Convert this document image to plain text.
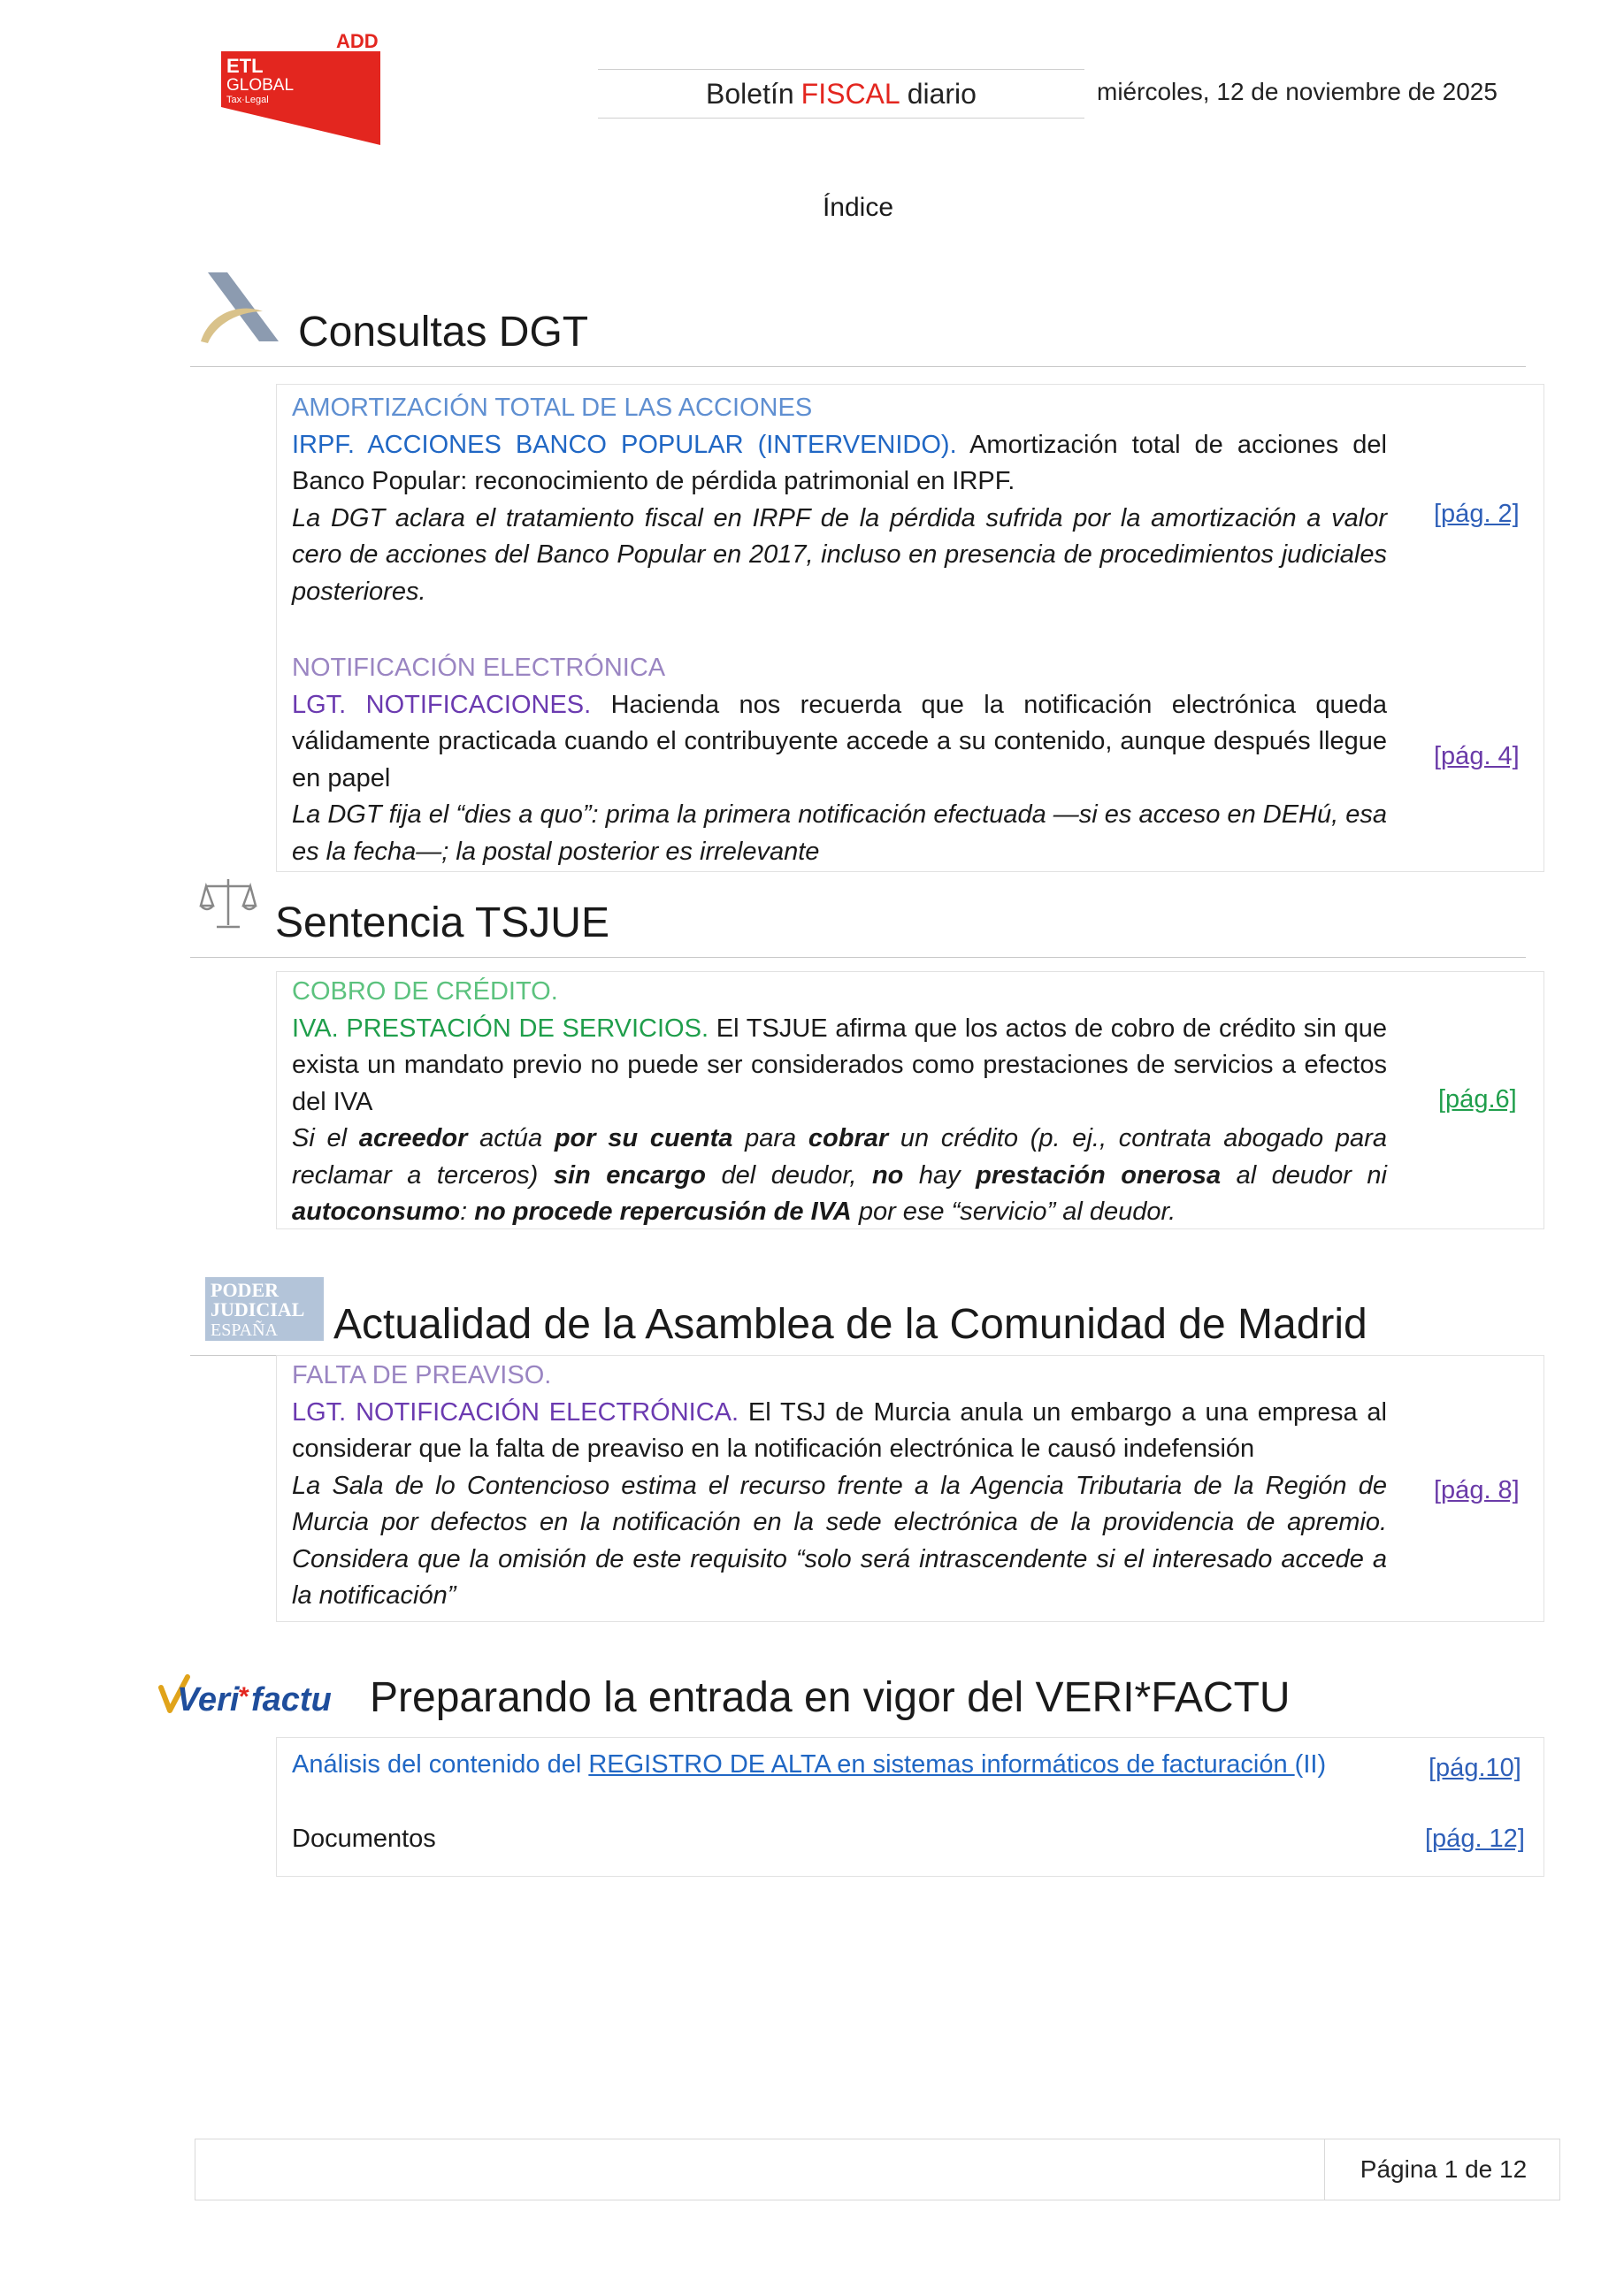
ADD
ETL
GLOBAL
Tax·Legal	Boletín FISCAL diario	miércoles, 12 de noviembre de 2025
Índice
Consultas DGT
AMORTIZACIÓN TOTAL DE LAS ACCIONES
IRPF. ACCIONES BANCO POPULAR (INTERVENIDO). Amortización total de acciones del Banco Popular: reconocimiento de pérdida patrimonial en IRPF.
La DGT aclara el tratamiento fiscal en IRPF de la pérdida sufrida por la amortización a valor cero de acciones del Banco Popular en 2017, incluso en presencia de procedimientos judiciales posteriores.
[pág. 2]
NOTIFICACIÓN ELECTRÓNICA
LGT. NOTIFICACIONES. Hacienda nos recuerda que la notificación electrónica queda válidamente practicada cuando el contribuyente accede a su contenido, aunque después llegue en papel
La DGT fija el “dies a quo”: prima la primera notificación efectuada —si es acceso en DEHú, esa es la fecha—; la postal posterior es irrelevante
[pág. 4]
Sentencia TSJUE
COBRO DE CRÉDITO.
IVA. PRESTACIÓN DE SERVICIOS. El TSJUE afirma que los actos de cobro de crédito sin que exista un mandato previo no puede ser considerados como prestaciones de servicios a efectos del IVA
Si el acreedor actúa por su cuenta para cobrar un crédito (p. ej., contrata abogado para reclamar a terceros) sin encargo del deudor, no hay prestación onerosa al deudor ni autoconsumo: no procede repercusión de IVA por ese “servicio” al deudor.
[pág.6]
PODER
JUDICIAL
ESPAÑA Actualidad de la Asamblea de la Comunidad de Madrid
FALTA DE PREAVISO.
LGT. NOTIFICACIÓN ELECTRÓNICA. El TSJ de Murcia anula un embargo a una empresa al considerar que la falta de preaviso en la notificación electrónica le causó indefensión
La Sala de lo Contencioso estima el recurso frente a la Agencia Tributaria de la Región de Murcia por defectos en la notificación en la sede electrónica de la providencia de apremio. Considera que la omisión de este requisito “solo será intrascendente si el interesado accede a la notificación”
[pág. 8]
Veri * factu Preparando la entrada en vigor del VERI*FACTU
Análisis del contenido del REGISTRO DE ALTA en sistemas informáticos de facturación (II)	[pág.10]
Documentos	[pág. 12]
Página 1 de 12
